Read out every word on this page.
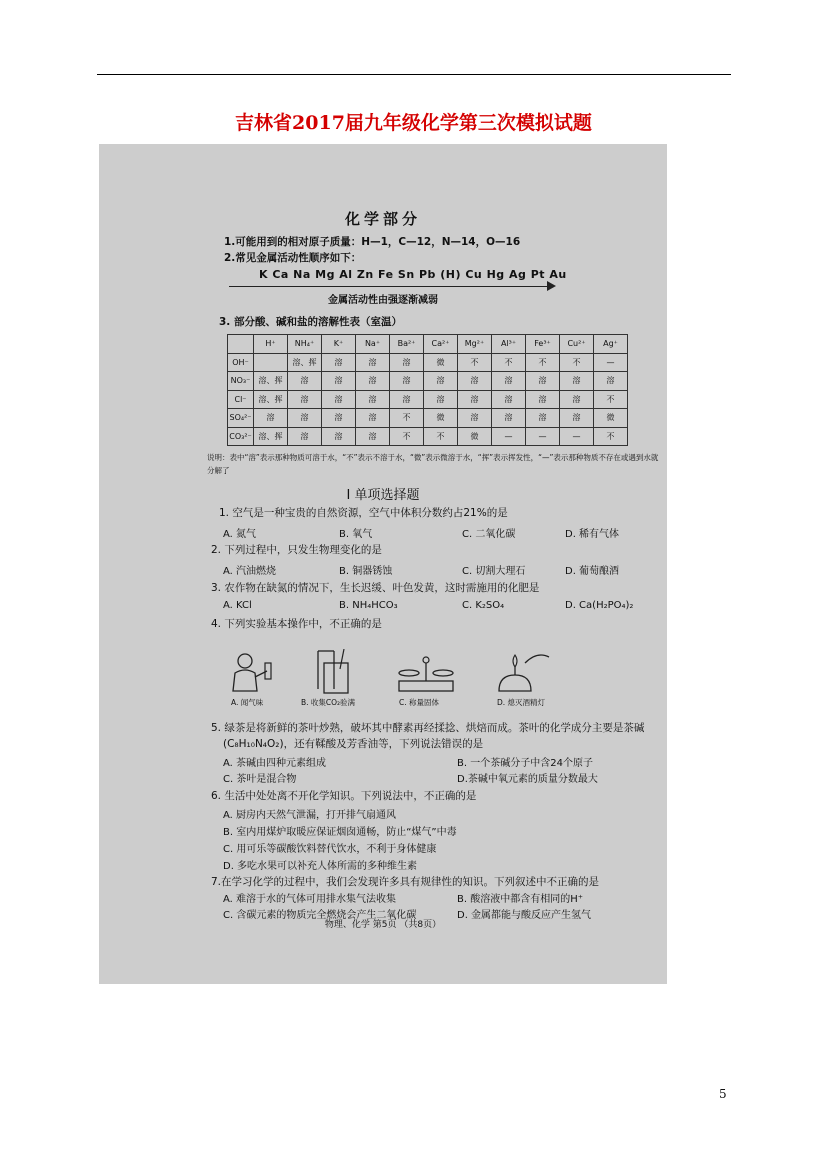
吉林省2017届九年级化学第三次模拟试题
化学部分
1.可能用到的相对原子质量：H—1，C—12，N—14，O—16
2.常见金属活动性顺序如下：
K Ca Na Mg Al Zn Fe Sn Pb (H) Cu Hg Ag Pt Au
金属活动性由强逐渐减弱
3. 部分酸、碱和盐的溶解性表（室温）
	H⁺	NH₄⁺	K⁺	Na⁺	Ba²⁺	Ca²⁺	Mg²⁺	Al³⁺	Fe³⁺	Cu²⁺	Ag⁺
OH⁻		溶、挥	溶	溶	溶	微	不	不	不	不	—
NO₃⁻	溶、挥	溶	溶	溶	溶	溶	溶	溶	溶	溶	溶
Cl⁻	溶、挥	溶	溶	溶	溶	溶	溶	溶	溶	溶	不
SO₄²⁻	溶	溶	溶	溶	不	微	溶	溶	溶	溶	微
CO₃²⁻	溶、挥	溶	溶	溶	不	不	微	—	—	—	不
说明：表中“溶”表示那种物质可溶于水，“不”表示不溶于水，“微”表示微溶于水，“挥”表示挥发性，“—”表示那种物质不存在或遇到水就分解了
Ⅰ 单项选择题
1. 空气是一种宝贵的自然资源，空气中体积分数约占21%的是
A. 氮气	B. 氧气	C. 二氧化碳	D. 稀有气体
2. 下列过程中，只发生物理变化的是
A. 汽油燃烧	B. 铜器锈蚀	C. 切割大理石	D. 葡萄酿酒
3. 农作物在缺氮的情况下，生长迟缓、叶色发黄，这时需施用的化肥是
A. KCl	B. NH₄HCO₃	C. K₂SO₄	D. Ca(H₂PO₄)₂
4. 下列实验基本操作中，不正确的是
A. 闻气味	B. 收集CO₂验满	C. 称量固体	D. 熄灭酒精灯
5. 绿茶是将新鲜的茶叶炒熟，破坏其中酵素再经揉捻、烘焙而成。茶叶的化学成分主要是茶碱
(C₈H₁₀N₄O₂)，还有鞣酸及芳香油等，下列说法错误的是
A. 茶碱由四种元素组成	B. 一个茶碱分子中含24个原子
C. 茶叶是混合物	D.茶碱中氧元素的质量分数最大
6. 生活中处处离不开化学知识。下列说法中，不正确的是
A. 厨房内天然气泄漏，打开排气扇通风
B. 室内用煤炉取暖应保证烟囱通畅，防止“煤气”中毒
C. 用可乐等碳酸饮料替代饮水，不利于身体健康
D. 多吃水果可以补充人体所需的多种维生素
7.在学习化学的过程中，我们会发现许多具有规律性的知识。下列叙述中不正确的是
A. 难溶于水的气体可用排水集气法收集	B. 酸溶液中都含有相同的H⁺
C. 含碳元素的物质完全燃烧会产生二氧化碳	D. 金属都能与酸反应产生氢气
物理、化学 第5页 （共8页）
5
